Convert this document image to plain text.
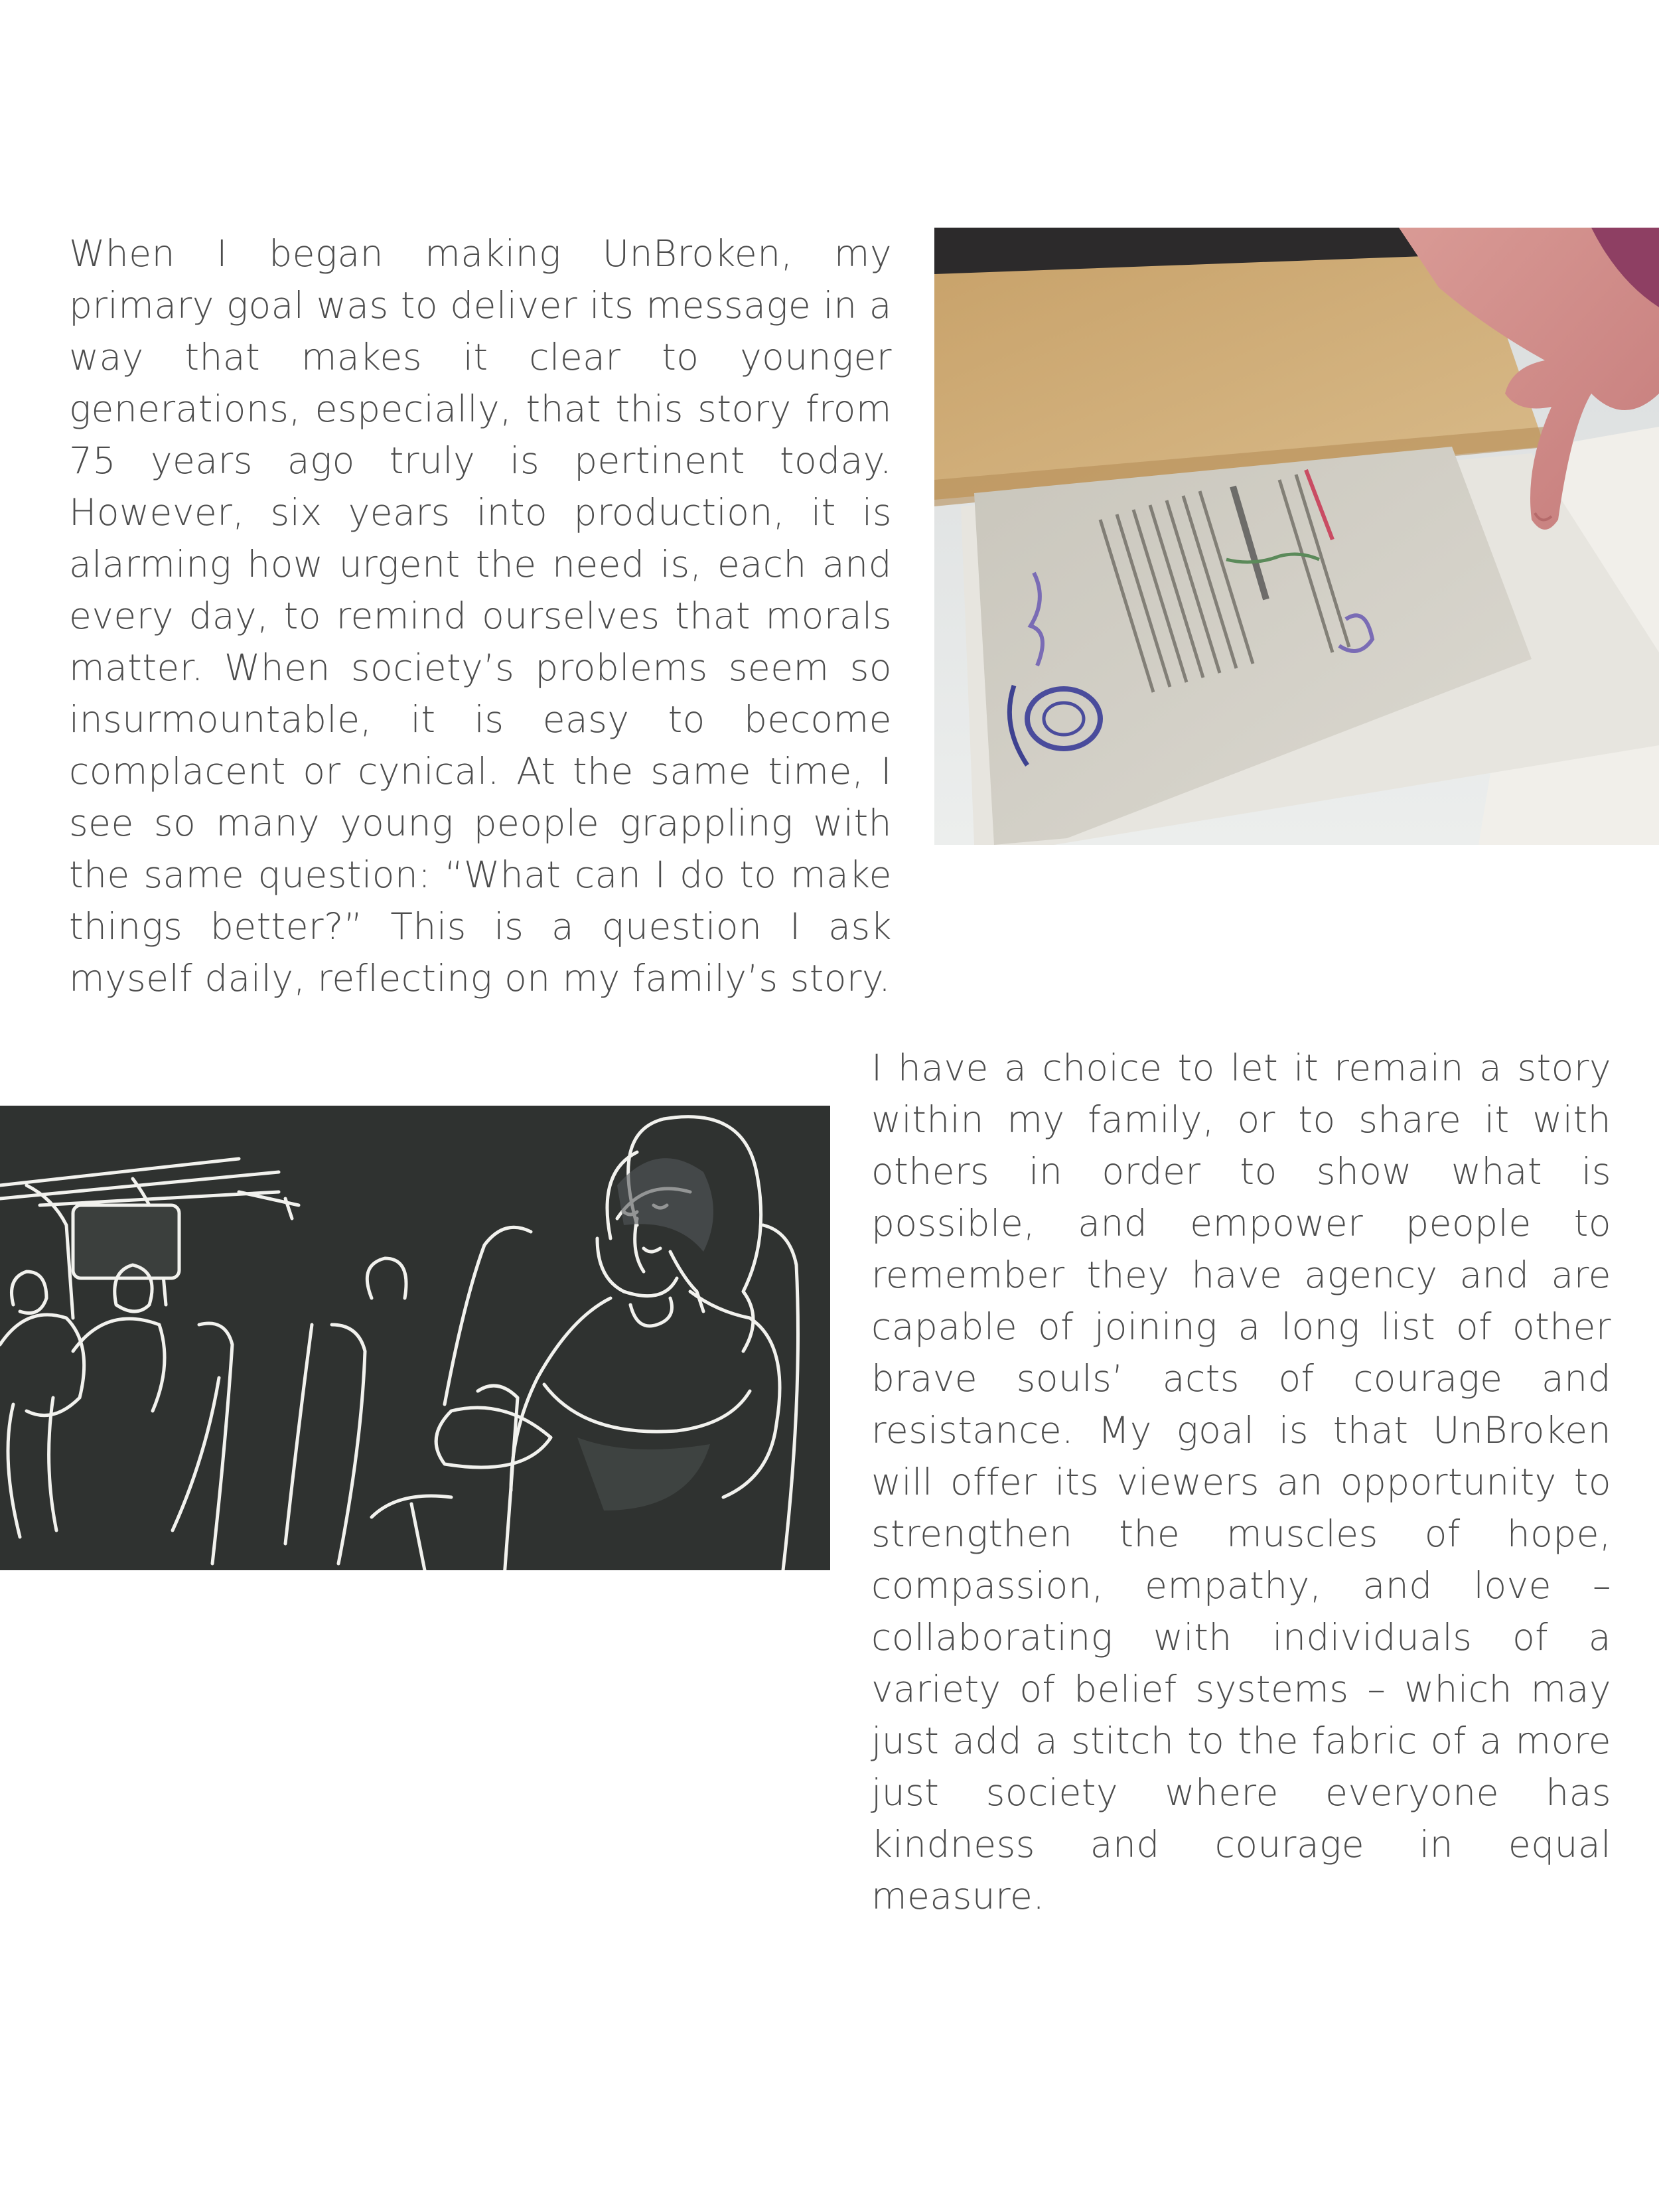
When I began making UnBroken, my primary goal was to deliver its message in a way that makes it clear to younger generations, especially, that this story from 75 years ago truly is pertinent today. However, six years into production, it is alarming how urgent the need is, each and every day, to remind ourselves that morals matter. When society’s problems seem so insurmountable, it is easy to become complacent or cynical. At the same time, I see so many young people grappling with the same question: “What can I do to make things better?” This is a question I ask myself daily, reflecting on my family’s story.

I have a choice to let it remain a story within my family, or to share it with others in order to show what is possible, and empower people to remember they have agency and are capable of joining a long list of other brave souls’ acts of courage and resistance. My goal is that UnBroken will offer its viewers an opportunity to strengthen the muscles of hope, compassion, empathy, and love – collaborating with individuals of a variety of belief systems – which may just add a stitch to the fabric of a more just society where everyone has kindness and courage in equal measure.
